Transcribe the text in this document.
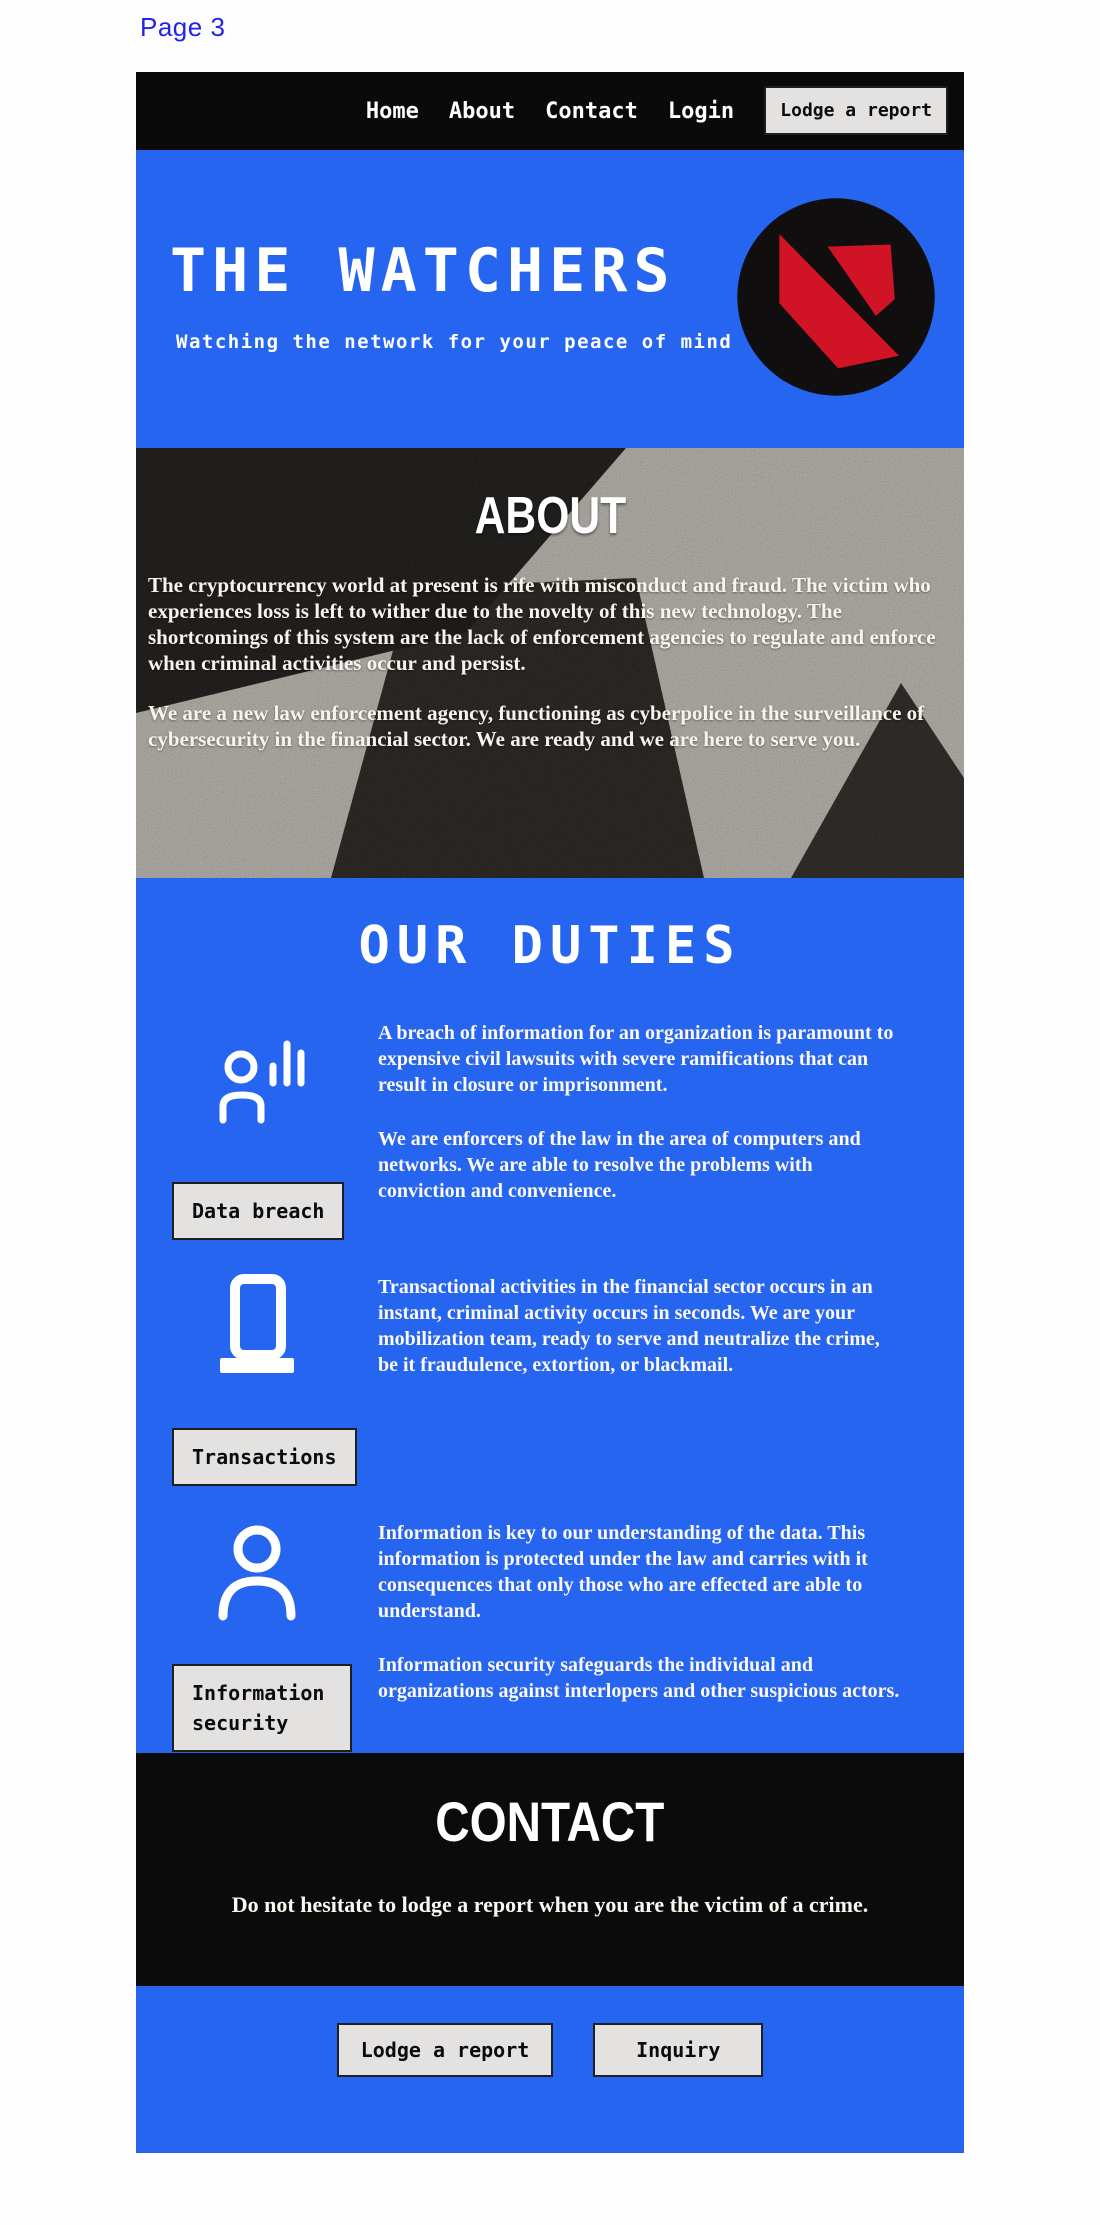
Page 3
Home About Contact Login	Lodge a report
THE WATCHERS
Watching the network for your peace of mind
ABOUT

The cryptocurrency world at present is rife with misconduct and fraud. The victim who experiences loss is left to wither due to the novelty of this new technology. The shortcomings of this system are the lack of enforcement agencies to regulate and enforce when criminal activities occur and persist.

We are a new law enforcement agency, functioning as cyberpolice in the surveillance of cybersecurity in the financial sector. We are ready and we are here to serve you.

OUR DUTIES
Data breach

A breach of information for an organization is paramount to expensive civil lawsuits with severe ramifications that can result in closure or imprisonment.

We are enforcers of the law in the area of computers and networks. We are able to resolve the problems with conviction and convenience.

Transactions

Transactional activities in the financial sector occurs in an instant, criminal activity occurs in seconds. We are your mobilization team, ready to serve and neutralize the crime, be it fraudulence, extortion, or blackmail.

Information security

Information is key to our understanding of the data. This information is protected under the law and carries with it consequences that only those who are effected are able to understand.

Information security safeguards the individual and organizations against interlopers and other suspicious actors.

CONTACT

Do not hesitate to lodge a report when you are the victim of a crime.

Lodge a report	Inquiry
